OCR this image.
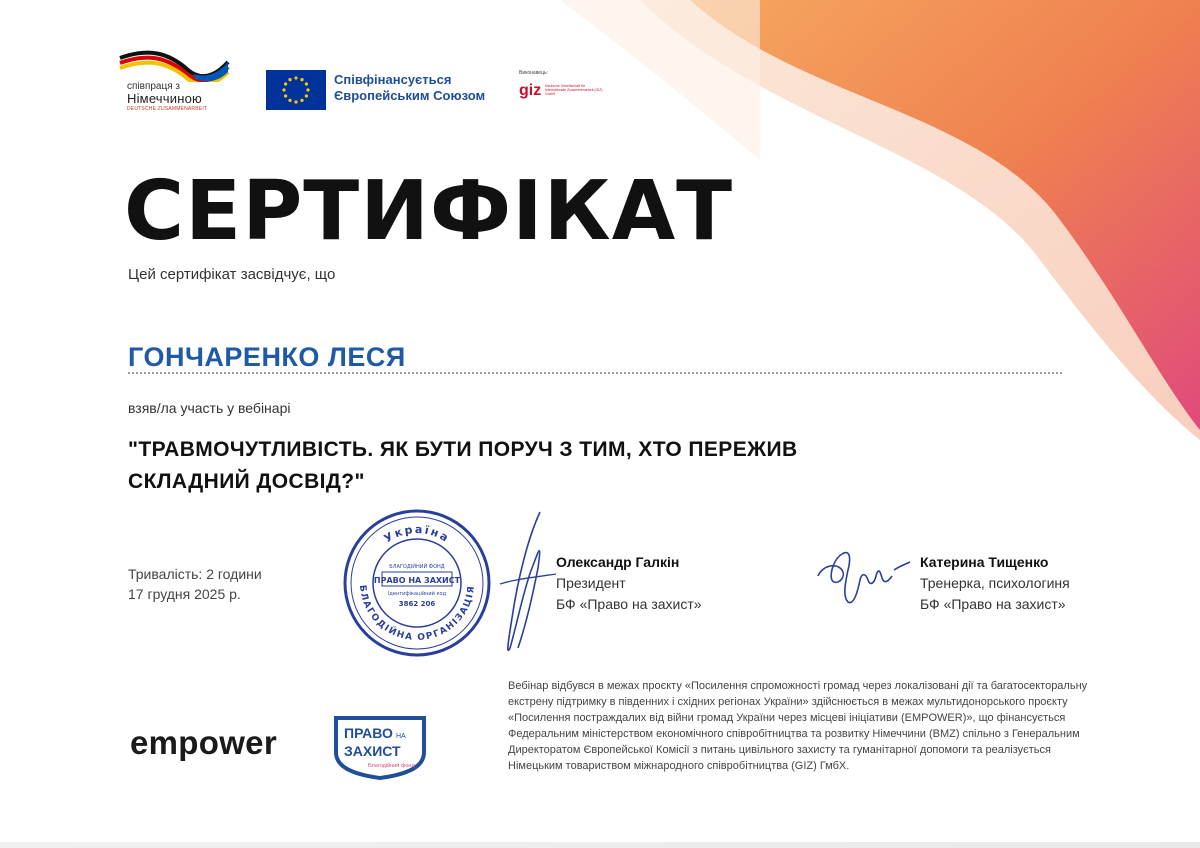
співпраця з
Німеччиною
DEUTSCHE ZUSAMMENARBEIT
Співфінансується Європейським Союзом
Виконавець:
giz Deutsche Gesellschaft für Internationale Zusammenarbeit (GIZ) GmbH
СЕРТИФІКАТ
Цей сертифікат засвідчує, що
ГОНЧАРЕНКО ЛЕСЯ
взяв/ла участь у вебінарі
"ТРАВМОЧУТЛИВІСТЬ. ЯК БУТИ ПОРУЧ З ТИМ, ХТО ПЕРЕЖИВ СКЛАДНИЙ ДОСВІД?"
Тривалість: 2 години
17 грудня 2025 р.
Україна
БЛАГОДІЙНА ОРГАНІЗАЦІЯ
БЛАГОДІЙНИЙ ФОНД
ПРАВО НА ЗАХИСТ
Ідентифікаційний код
3862 206
Олександр Галкін
Президент
БФ «Право на захист»
Катерина Тищенко
Тренерка, психологиня
БФ «Право на захист»
empower	ПРАВО НА
ЗАХИСТ
Благодійний фонд
Вебінар відбувся в межах проєкту «Посилення спроможності громад через локалізовані дії та багатосекторальну екстрену підтримку в південних і східних регіонах України» здійснюється в межах мультидонорського проєкту «Посилення постраждалих від війни громад України через місцеві ініціативи (EMPOWER)», що фінансується Федеральним міністерством економічного співробітництва та розвитку Німеччини (BMZ) спільно з Генеральним Директоратом Європейської Комісії з питань цивільного захисту та гуманітарної допомоги та реалізується Німецьким товариством міжнародного співробітництва (GIZ) ГмбХ.
